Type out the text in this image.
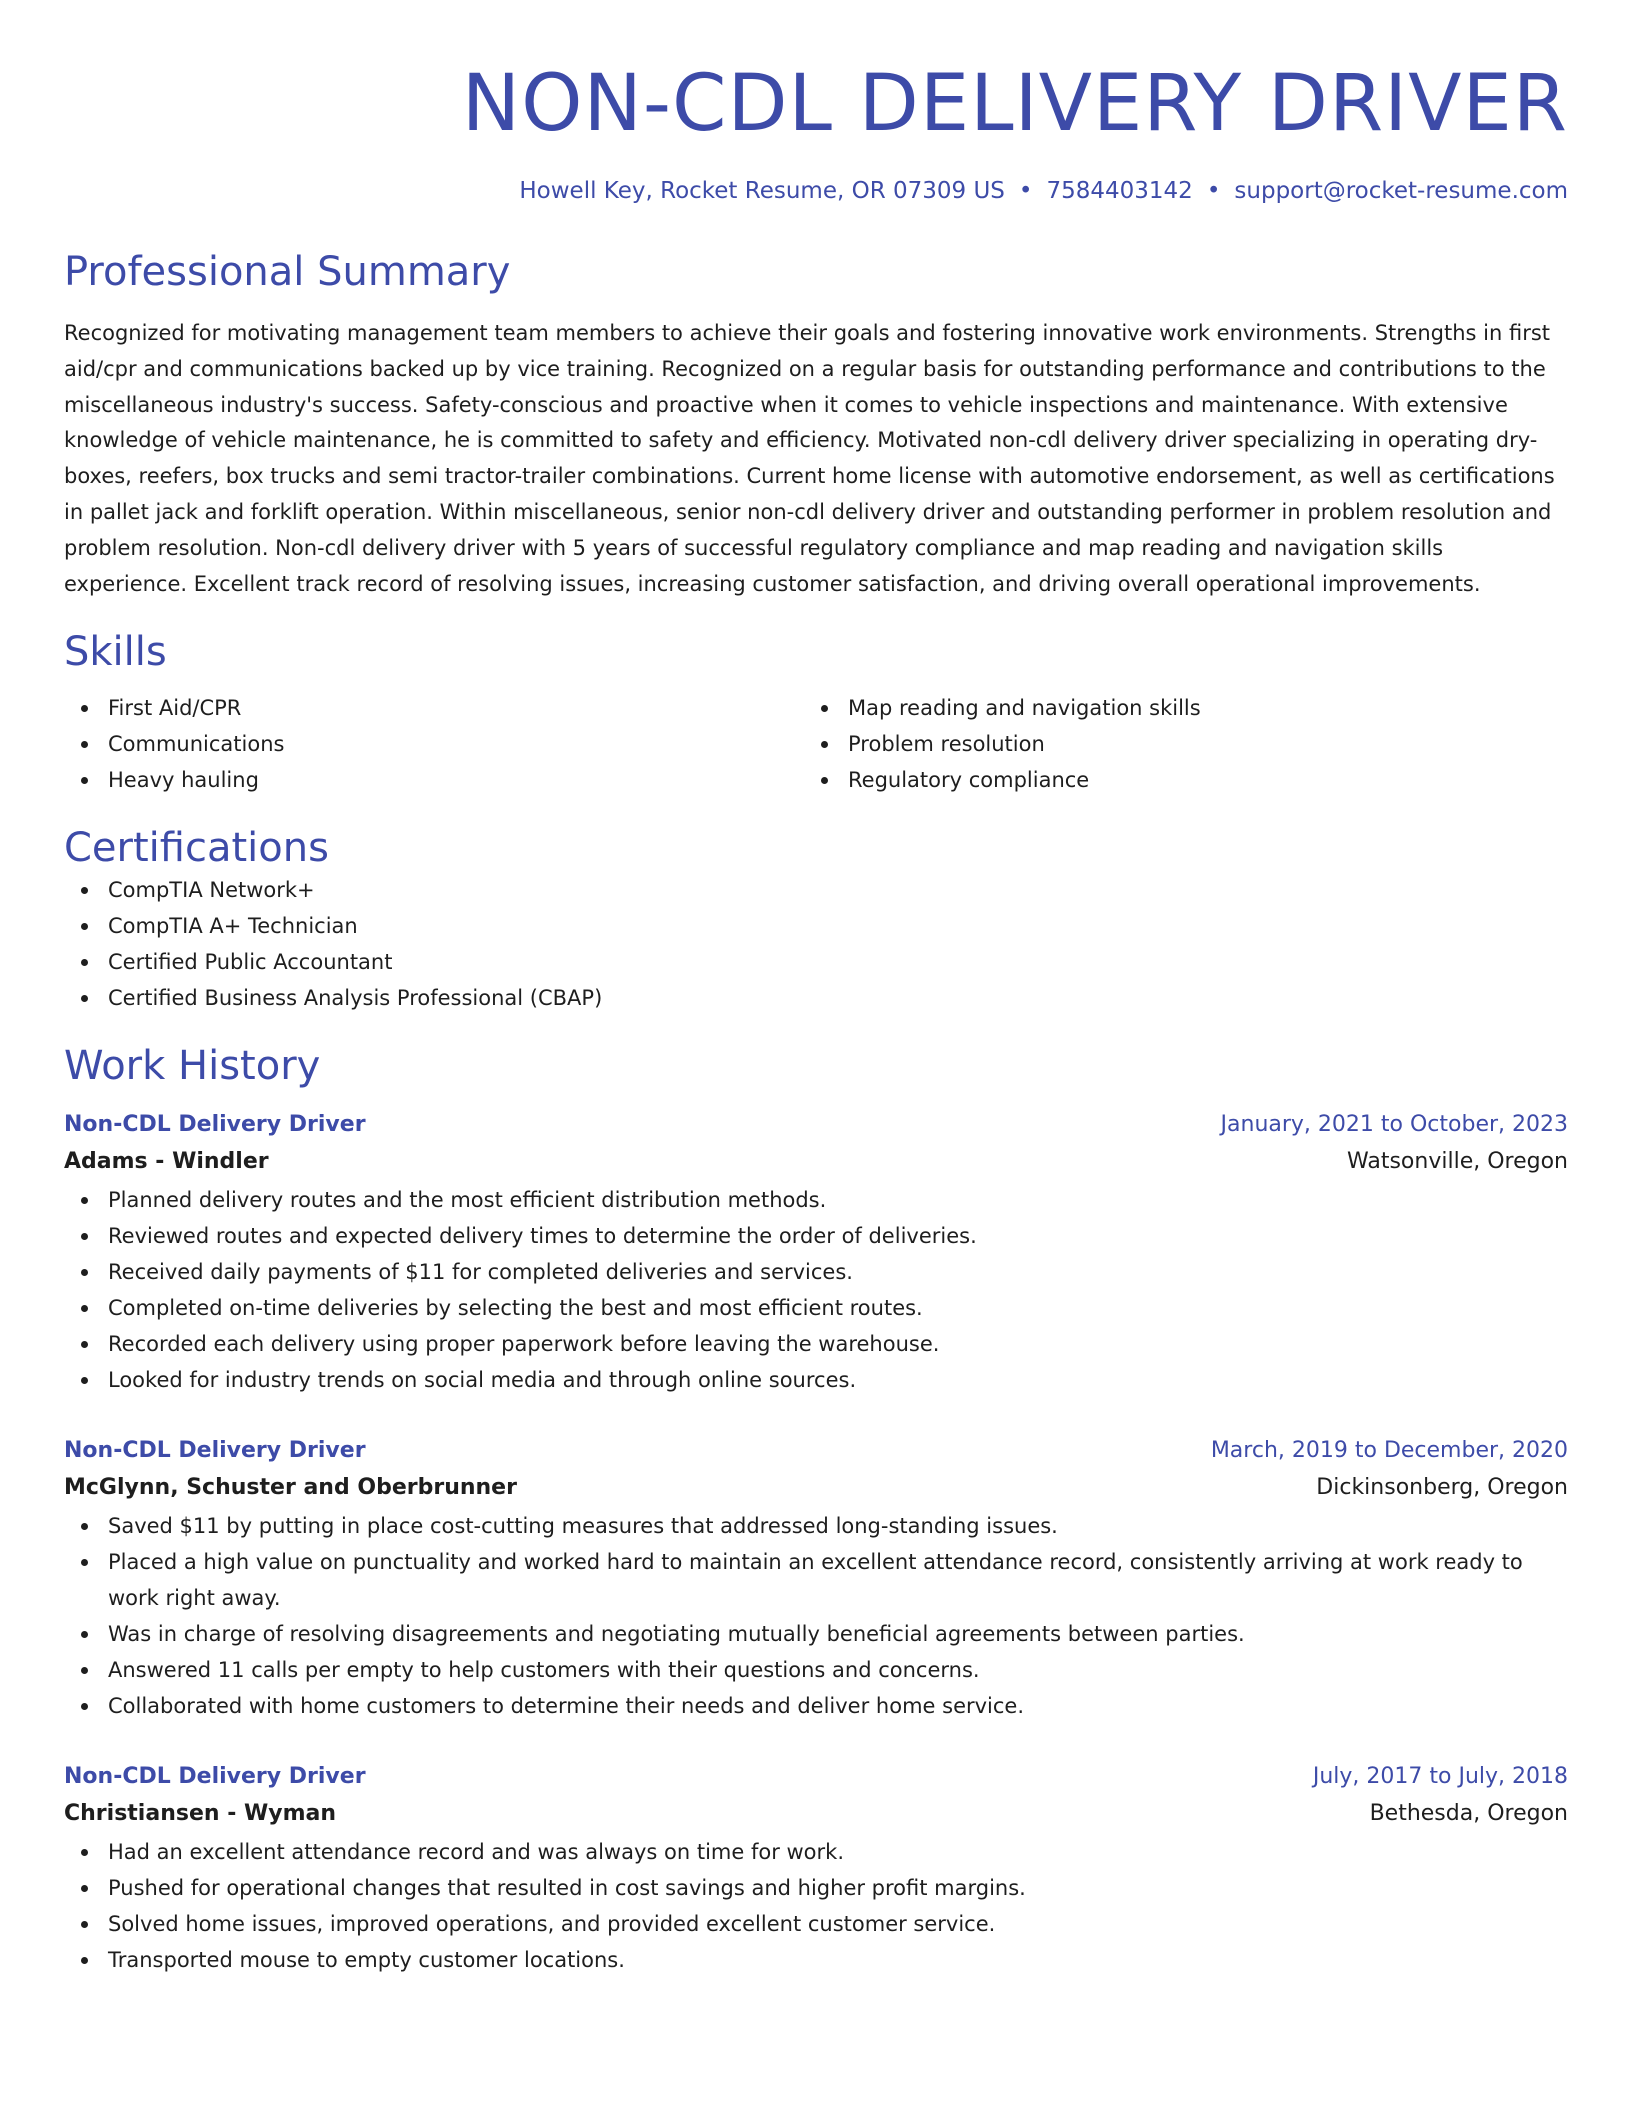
NON-CDL DELIVERY DRIVER
Howell Key, Rocket Resume, OR 07309 US • 7584403142 • support@rocket-resume.com
Professional Summary

Recognized for motivating management team members to achieve their goals and fostering innovative work environments. Strengths in first aid/cpr and communications backed up by vice training. Recognized on a regular basis for outstanding performance and contributions to the miscellaneous industry's success. Safety-conscious and proactive when it comes to vehicle inspections and maintenance. With extensive knowledge of vehicle maintenance, he is committed to safety and efficiency. Motivated non-cdl delivery driver specializing in operating dry-boxes, reefers, box trucks and semi tractor-trailer combinations. Current home license with automotive endorsement, as well as certifications in pallet jack and forklift operation. Within miscellaneous, senior non-cdl delivery driver and outstanding performer in problem resolution and problem resolution. Non-cdl delivery driver with 5 years of successful regulatory compliance and map reading and navigation skills experience. Excellent track record of resolving issues, increasing customer satisfaction, and driving overall operational improvements.

Skills
First Aid/CPR
Communications
Heavy hauling
Map reading and navigation skills
Problem resolution
Regulatory compliance
Certifications
CompTIA Network+
CompTIA A+ Technician
Certified Public Accountant
Certified Business Analysis Professional (CBAP)
Work History
Non-CDL Delivery Driver	January, 2021 to October, 2023
Adams - Windler	Watsonville, Oregon
Planned delivery routes and the most efficient distribution methods.
Reviewed routes and expected delivery times to determine the order of deliveries.
Received daily payments of $11 for completed deliveries and services.
Completed on-time deliveries by selecting the best and most efficient routes.
Recorded each delivery using proper paperwork before leaving the warehouse.
Looked for industry trends on social media and through online sources.
Non-CDL Delivery Driver	March, 2019 to December, 2020
McGlynn, Schuster and Oberbrunner	Dickinsonberg, Oregon
Saved $11 by putting in place cost-cutting measures that addressed long-standing issues.
Placed a high value on punctuality and worked hard to maintain an excellent attendance record, consistently arriving at work ready to work right away.
Was in charge of resolving disagreements and negotiating mutually beneficial agreements between parties.
Answered 11 calls per empty to help customers with their questions and concerns.
Collaborated with home customers to determine their needs and deliver home service.
Non-CDL Delivery Driver	July, 2017 to July, 2018
Christiansen - Wyman	Bethesda, Oregon
Had an excellent attendance record and was always on time for work.
Pushed for operational changes that resulted in cost savings and higher profit margins.
Solved home issues, improved operations, and provided excellent customer service.
Transported mouse to empty customer locations.
